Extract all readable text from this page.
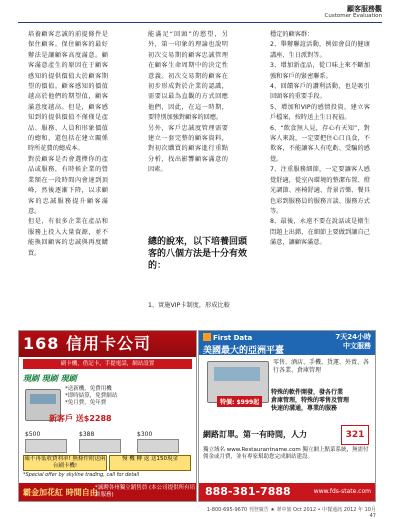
顧客服務觀
Customer Evaluation

培養顧客忠誠的前提條件是保住顧客。保住顧客的最好辦法是讓顧客高度滿意。顧客滿意產生的原因在于顧客感知的提供價值大於顧客期望的價值。顧客感知的價值越高於他們的期望值，顧客滿意度越高。但是，顧客感知到的提供價值不僅僅是產品、服務、人員和形象價值的總和，還包括在建立關係時所花費的總成本。

對於顧客是否會選擇你的產品或服務，有時候企業的營業額在一段時間內會達到頂峰，然後逐漸下降，以求顧客的忠誠服務提升顧客滿意。

但是，有很多企業在產品和服務上投入大量資源，並不能換回顧客的忠誠與再度購買。

能滿足“回頭”的慾望，另外，第一印象的理論也說明初次交易期的顧客忠誠管理在顧客生命周期中的決定性意義。初次交易期的顧客在初步形成對於企業的認識，需要以最為直觀的方式回應他們，因此，在這一時期，要特別加強對顧客的回應。

另外，客戶忠誠度管理需要建立一套完整的顧客資料，對初次購買的顧客進行重點分析，找出影響顧客滿意的因素。

總的說來，以下培養回頭客的八個方法是十分有效的：
1、實施VIP卡制度，形成比較

穩定的顧客群：

2、舉辦聯誼活動，例如會員的健康講座、生日派對等。

3、增加新產品，從口味上來不斷加強和客戶的緊密聯系。

4、回饋客戶的讚利活動，也是吸引回頭客的重要手段。

5、增加和VIP的感情投資，建立客戶檔案，按時送上生日祝福。

6、“飲食無人見，存心有天知”，對客人來說，一定要把住心口良食，不欺客，不能讓客人有吃虧、受騙的感覺。

7、注重服務細節，一定要讓客人感覺舒適，從室內環境的整潔布置、燈光調節、座椅舒適、背景音樂、餐具色彩到服務員的服務言談、服務方式等。

8、最後，永遠不要在說話或是衛生問題上出錯，在細節上要做到讓自己滿意，讓顧客滿意。

168 信用卡公司
刷卡機，借記卡，手提電話，網站設置
現刷 現刷 現刷
*送新機，免費用機
*即時結算，免費網站
*免月費，免年費
新客戶 送$2288
$500	$388	$300
確不再低收費利率! 無條件附送兩台刷卡機!
慢 機 轉 返 送150現金
*Special offer by skyline trading, call for detail
霸金加花紅 時間自由
*誠聘各州獨立銷售員 (本公司提供所有培訓服務)
First Data	7天24小時
中文服務
美國最大的亞洲平臺
特價: $999起
零售、酒店、手機、貨運、外賣、各行各業、倉庫管理
特殊的軟件開發，發各行業
倉庫管理，特殊的零售及管理
快速的溝通，專業的服務
網路訂單。第一有時間，人力	321
獨立域名 www.Restaurantname.com 獨立網上點菜系統，無需付佣金或月費，並有專家幫助您完成網站建設。
888-381-7888	www.fds-state.com
1-800-695-9670 刊登廣告 ★ 翠中旅 Oct 2012 • 中餐通訊 2012 年 10月 47
